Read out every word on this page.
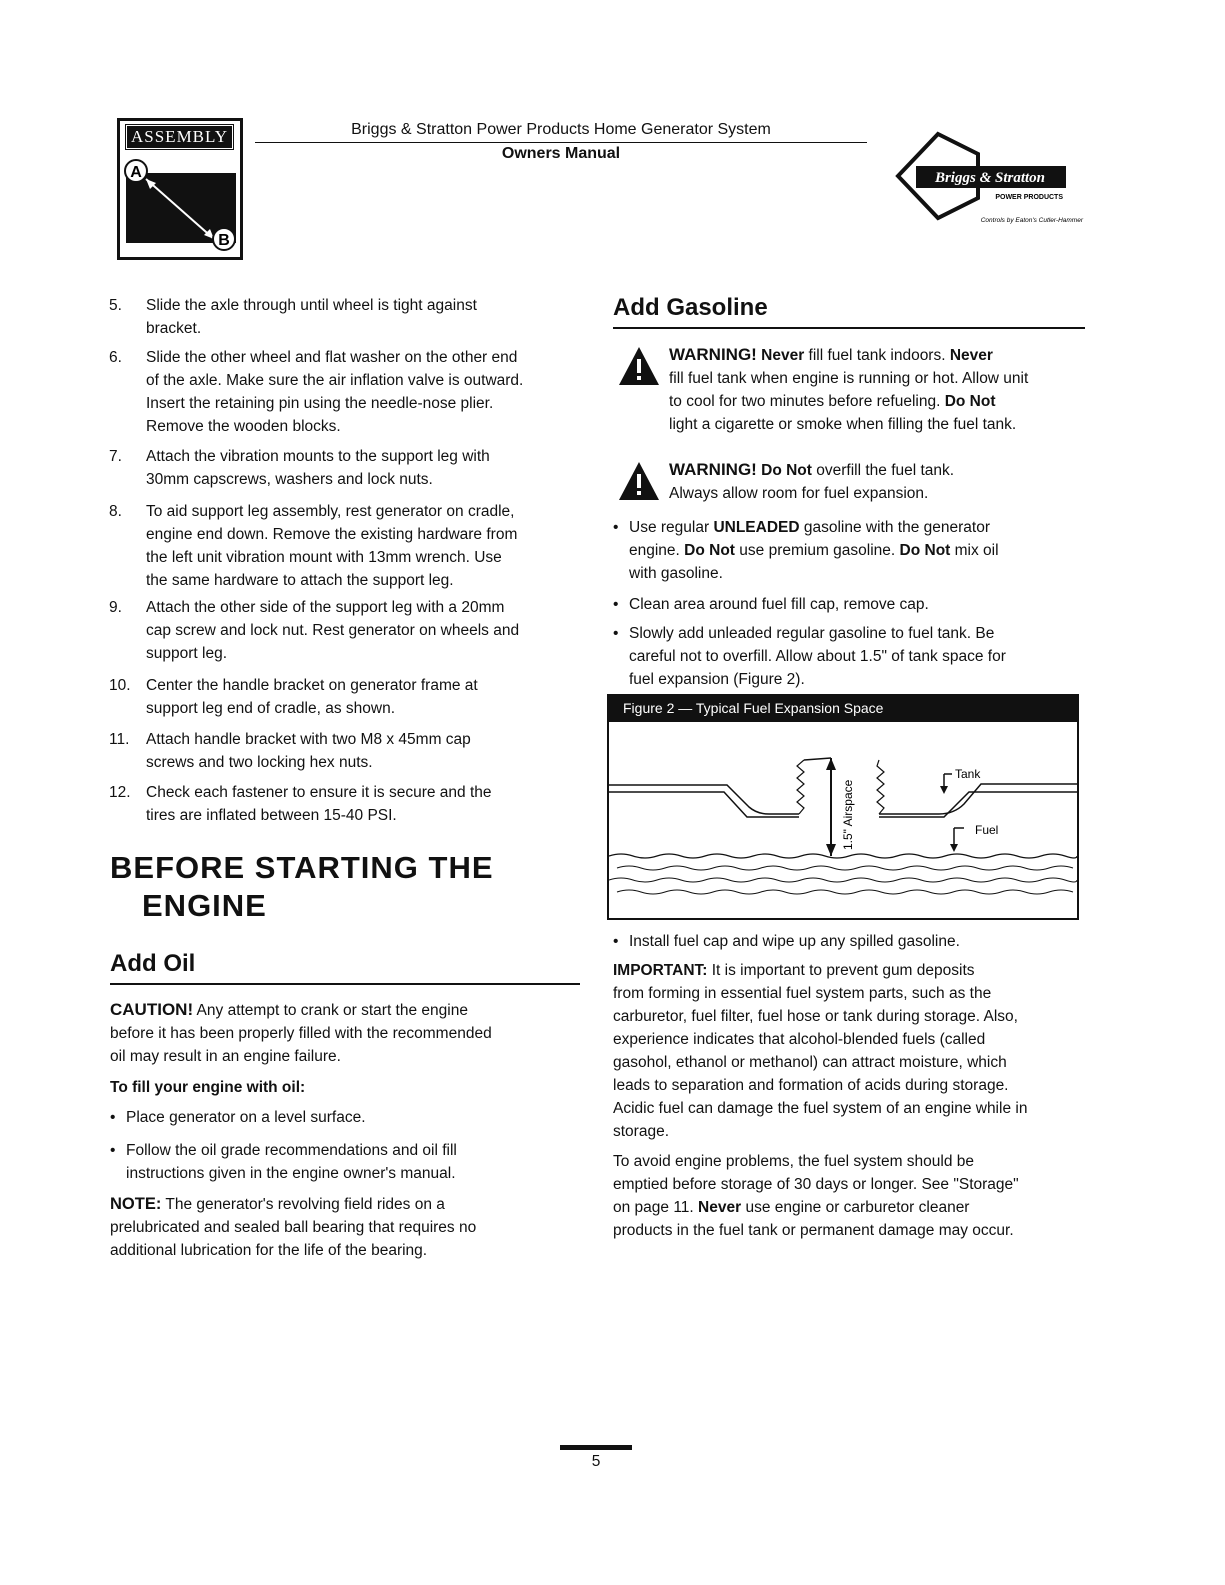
ASSEMBLY
A
B
Briggs & Stratton Power Products Home Generator System
Owners Manual
Briggs & Stratton
POWER PRODUCTS
Controls by Eaton's Cutler-Hammer
5. Slide the axle through until wheel is tight against
bracket.
6. Slide the other wheel and flat washer on the other end
of the axle. Make sure the air inflation valve is outward.
Insert the retaining pin using the needle-nose plier.
Remove the wooden blocks.
7. Attach the vibration mounts to the support leg with
30mm capscrews, washers and lock nuts.
8. To aid support leg assembly, rest generator on cradle,
engine end down. Remove the existing hardware from
the left unit vibration mount with 13mm wrench. Use
the same hardware to attach the support leg.
9. Attach the other side of the support leg with a 20mm
cap screw and lock nut. Rest generator on wheels and
support leg.
10. Center the handle bracket on generator frame at
support leg end of cradle, as shown.
11. Attach handle bracket with two M8 x 45mm cap
screws and two locking hex nuts.
12. Check each fastener to ensure it is secure and the
tires are inflated between 15-40 PSI.
BEFORE STARTING THE
ENGINE
Add Oil
CAUTION! Any attempt to crank or start the engine
before it has been properly filled with the recommended
oil may result in an engine failure.
To fill your engine with oil:
• Place generator on a level surface.
• Follow the oil grade recommendations and oil fill
instructions given in the engine owner's manual.
NOTE: The generator's revolving field rides on a
prelubricated and sealed ball bearing that requires no
additional lubrication for the life of the bearing.
Add Gasoline
WARNING! Never fill fuel tank indoors. Never
fill fuel tank when engine is running or hot. Allow unit
to cool for two minutes before refueling. Do Not
light a cigarette or smoke when filling the fuel tank.
WARNING! Do Not overfill the fuel tank.
Always allow room for fuel expansion.
• Use regular UNLEADED gasoline with the generator
engine. Do Not use premium gasoline. Do Not mix oil
with gasoline.
• Clean area around fuel fill cap, remove cap.
• Slowly add unleaded regular gasoline to fuel tank. Be
careful not to overfill. Allow about 1.5" of tank space for
fuel expansion (Figure 2).
Figure 2 — Typical Fuel Expansion Space
1.5" Airspace
Tank
Fuel
• Install fuel cap and wipe up any spilled gasoline.
IMPORTANT: It is important to prevent gum deposits
from forming in essential fuel system parts, such as the
carburetor, fuel filter, fuel hose or tank during storage. Also,
experience indicates that alcohol-blended fuels (called
gasohol, ethanol or methanol) can attract moisture, which
leads to separation and formation of acids during storage.
Acidic fuel can damage the fuel system of an engine while in
storage.
To avoid engine problems, the fuel system should be
emptied before storage of 30 days or longer. See "Storage"
on page 11. Never use engine or carburetor cleaner
products in the fuel tank or permanent damage may occur.
5
